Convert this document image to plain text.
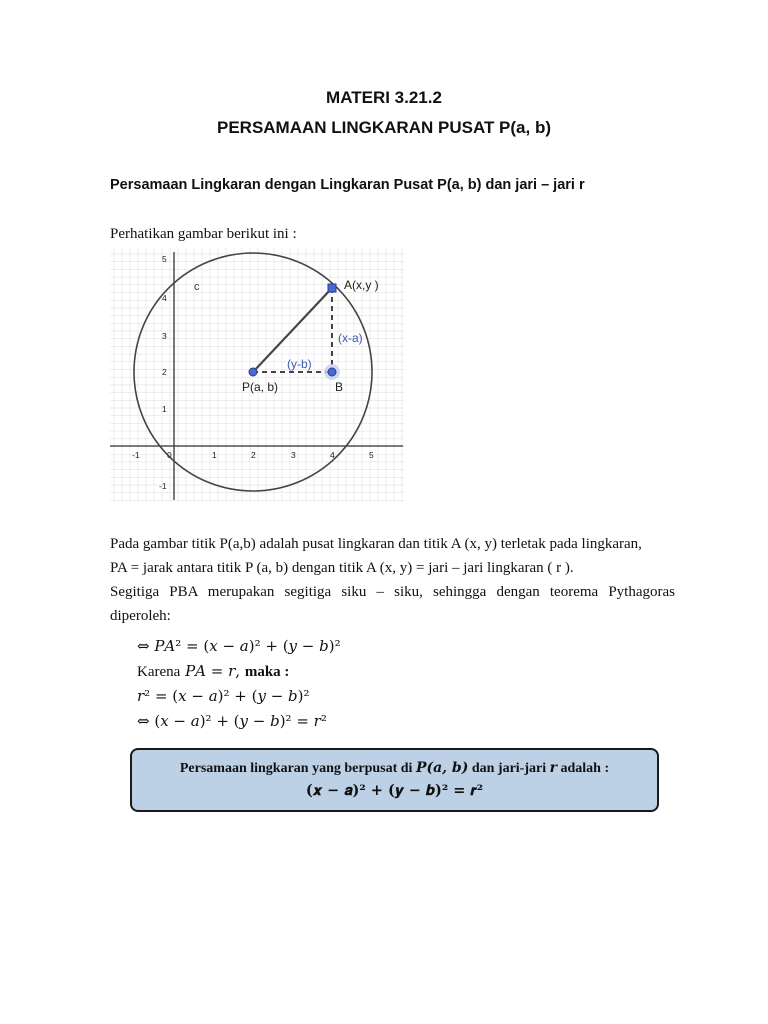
MATERI 3.21.2
PERSAMAAN LINGKARAN PUSAT P(a, b)
Persamaan Lingkaran dengan Lingkaran Pusat P(a, b) dan jari – jari r
Perhatikan gambar berikut ini :
-1	0	1	2	3	4	5
5
4
3
2
1
-1
c	A(x,y )
P(a, b)	B
(x-a)
(y-b)

Pada gambar titik P(a,b) adalah pusat lingkaran dan titik A (x, y) terletak pada lingkaran,

PA = jarak antara titik P (a, b) dengan titik A (x, y) = jari – jari lingkaran ( r ).

Segitiga PBA merupakan segitiga siku – siku, sehingga dengan teorema Pythagoras diperoleh:

⇔ 𝑃𝐴² = (𝑥 − 𝑎)² + (𝑦 − 𝑏)²
Karena 𝑃𝐴 = 𝑟, maka :
𝑟² = (𝑥 − 𝑎)² + (𝑦 − 𝑏)²
⇔ (𝑥 − 𝑎)² + (𝑦 − 𝑏)² = 𝑟²
Persamaan lingkaran yang berpusat di 𝑷(𝒂, 𝒃) dan jari-jari 𝒓 adalah :
(𝒙 − 𝒂)² + (𝒚 − 𝒃)² = 𝒓²
